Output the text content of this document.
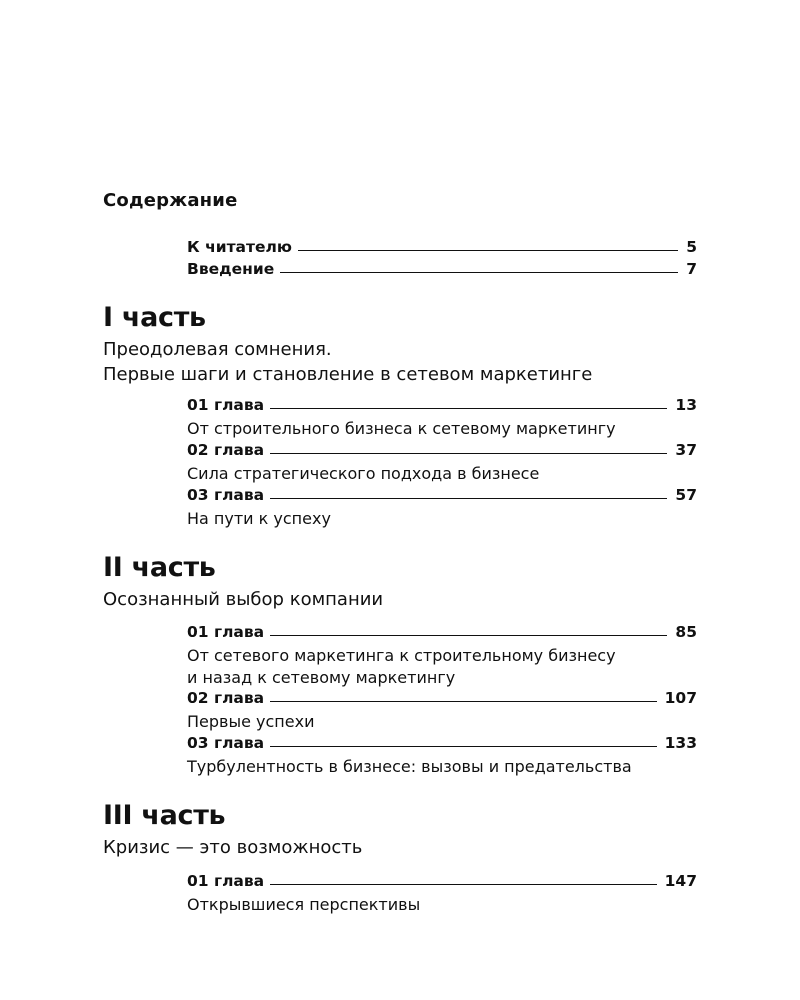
Содержание
К читателю	5
Введение	7
I часть
Преодолевая сомнения.
Первые шаги и становление в сетевом маркетинге
01 глава	13
От строительного бизнеса к сетевому маркетингу
02 глава	37
Сила стратегического подхода в бизнесе
03 глава	57
На пути к успеху
II часть
Осознанный выбор компании
01 глава	85
От сетевого маркетинга к строительному бизнесу
и назад к сетевому маркетингу
02 глава	107
Первые успехи
03 глава	133
Турбулентность в бизнесе: вызовы и предательства
III часть
Кризис — это возможность
01 глава	147
Открывшиеся перспективы
